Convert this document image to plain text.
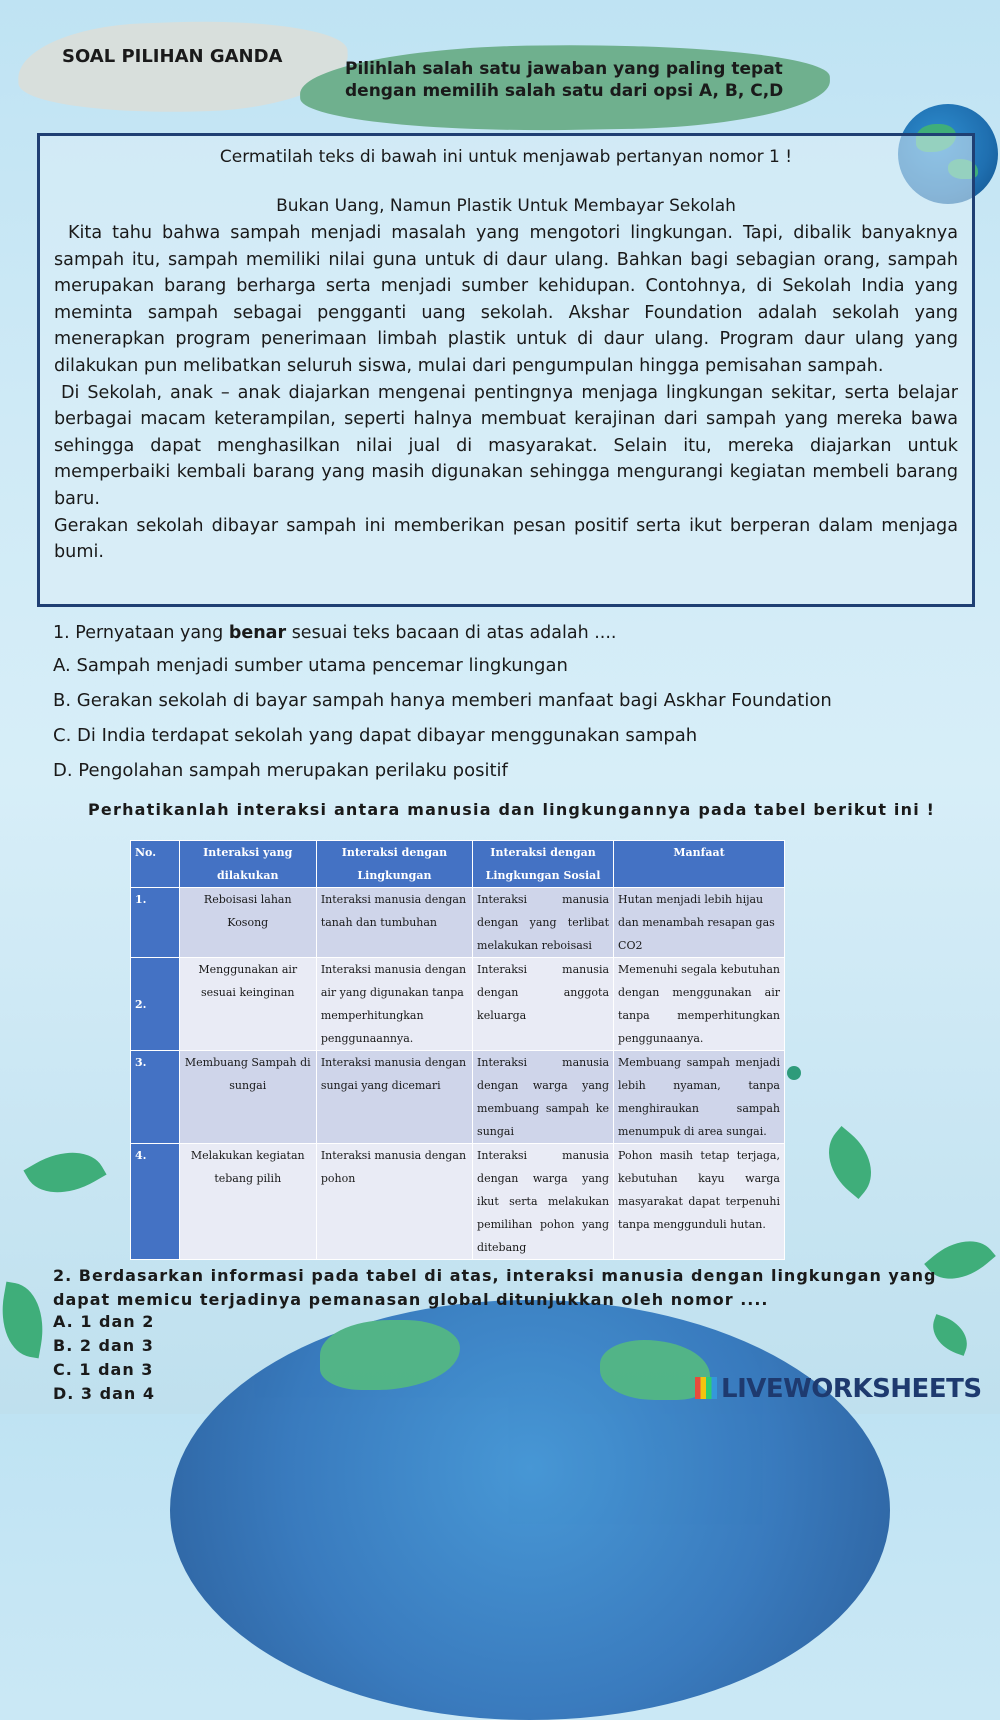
SOAL PILIHAN GANDA
Pilihlah salah satu jawaban yang paling tepat
dengan memilih salah satu dari opsi A, B, C,D
Cermatilah teks di bawah ini untuk menjawab pertanyan nomor 1 !
Bukan Uang, Namun Plastik Untuk Membayar Sekolah

Kita tahu bahwa sampah menjadi masalah yang mengotori lingkungan. Tapi, dibalik banyaknya sampah itu, sampah memiliki nilai guna untuk di daur ulang. Bahkan bagi sebagian orang, sampah merupakan barang berharga serta menjadi sumber kehidupan. Contohnya, di Sekolah India yang meminta sampah sebagai pengganti uang sekolah. Akshar Foundation adalah sekolah yang menerapkan program penerimaan limbah plastik untuk di daur ulang. Program daur ulang yang dilakukan pun melibatkan seluruh siswa, mulai dari pengumpulan hingga pemisahan sampah.

Di Sekolah, anak – anak diajarkan mengenai pentingnya menjaga lingkungan sekitar, serta belajar berbagai macam keterampilan, seperti halnya membuat kerajinan dari sampah yang mereka bawa sehingga dapat menghasilkan nilai jual di masyarakat. Selain itu, mereka diajarkan untuk memperbaiki kembali barang yang masih digunakan sehingga mengurangi kegiatan membeli barang baru.

Gerakan sekolah dibayar sampah ini memberikan pesan positif serta ikut berperan dalam menjaga bumi.

1. Pernyataan yang benar sesuai teks bacaan di atas adalah ....
A. Sampah menjadi sumber utama pencemar lingkungan
B. Gerakan sekolah di bayar sampah hanya memberi manfaat bagi Askhar Foundation
C. Di India terdapat sekolah yang dapat dibayar menggunakan sampah
D. Pengolahan sampah merupakan perilaku positif
Perhatikanlah interaksi antara manusia dan lingkungannya pada tabel berikut ini !
No.	Interaksi yang dilakukan	Interaksi dengan Lingkungan	Interaksi dengan Lingkungan Sosial	Manfaat
1.	Reboisasi lahan Kosong	Interaksi manusia dengan tanah dan tumbuhan	Interaksi manusia dengan yang terlibat melakukan reboisasi	Hutan menjadi lebih hijau dan menambah resapan gas CO2
2.	Menggunakan air sesuai keinginan	Interaksi manusia dengan air yang digunakan tanpa memperhitungkan penggunaannya.	Interaksi manusia dengan anggota keluarga	Memenuhi segala kebutuhan dengan menggunakan air tanpa memperhitungkan penggunaanya.
3.	Membuang Sampah di sungai	Interaksi manusia dengan sungai yang dicemari	Interaksi manusia dengan warga yang membuang sampah ke sungai	Membuang sampah menjadi lebih nyaman, tanpa menghiraukan sampah menumpuk di area sungai.
4.	Melakukan kegiatan tebang pilih	Interaksi manusia dengan pohon	Interaksi manusia dengan warga yang ikut serta melakukan pemilihan pohon yang ditebang	Pohon masih tetap terjaga, kebutuhan kayu warga masyarakat dapat terpenuhi tanpa menggunduli hutan.
2. Berdasarkan informasi pada tabel di atas, interaksi manusia dengan lingkungan yang
dapat memicu terjadinya pemanasan global ditunjukkan oleh nomor ....
A. 1 dan 2
B. 2 dan 3
C. 1 dan 3
D. 3 dan 4	LIVEWORKSHEETS
